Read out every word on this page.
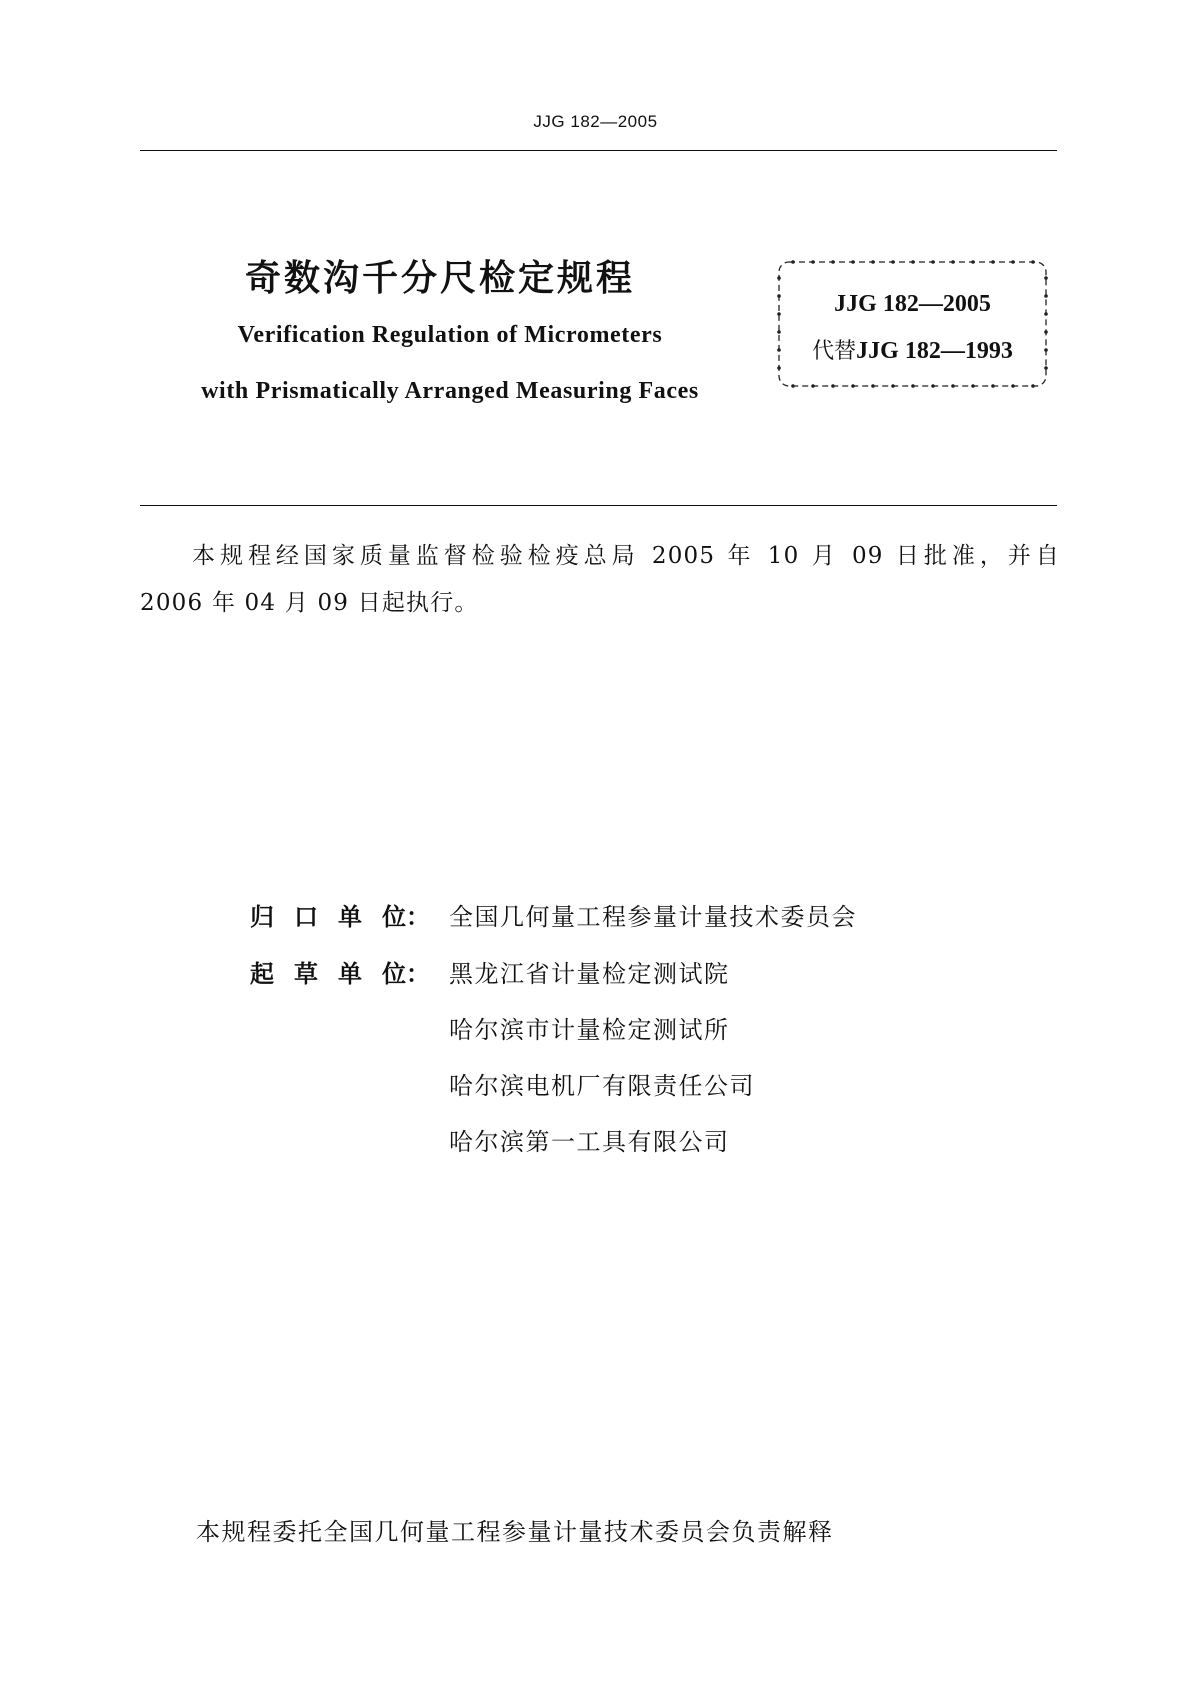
JJG 182—2005
奇数沟千分尺检定规程
Verification Regulation of Micrometers
with Prismatically Arranged Measuring Faces
JJG 182—2005
代替JJG 182—1993

本规程经国家质量监督检验检疫总局 2005 年 10 月 09 日批准，并自

2006 年 04 月 09 日起执行。

归 口 单 位： 全国几何量工程参量计量技术委员会
起 草 单 位： 黑龙江省计量检定测试院
哈尔滨市计量检定测试所
哈尔滨电机厂有限责任公司
哈尔滨第一工具有限公司
本规程委托全国几何量工程参量计量技术委员会负责解释
